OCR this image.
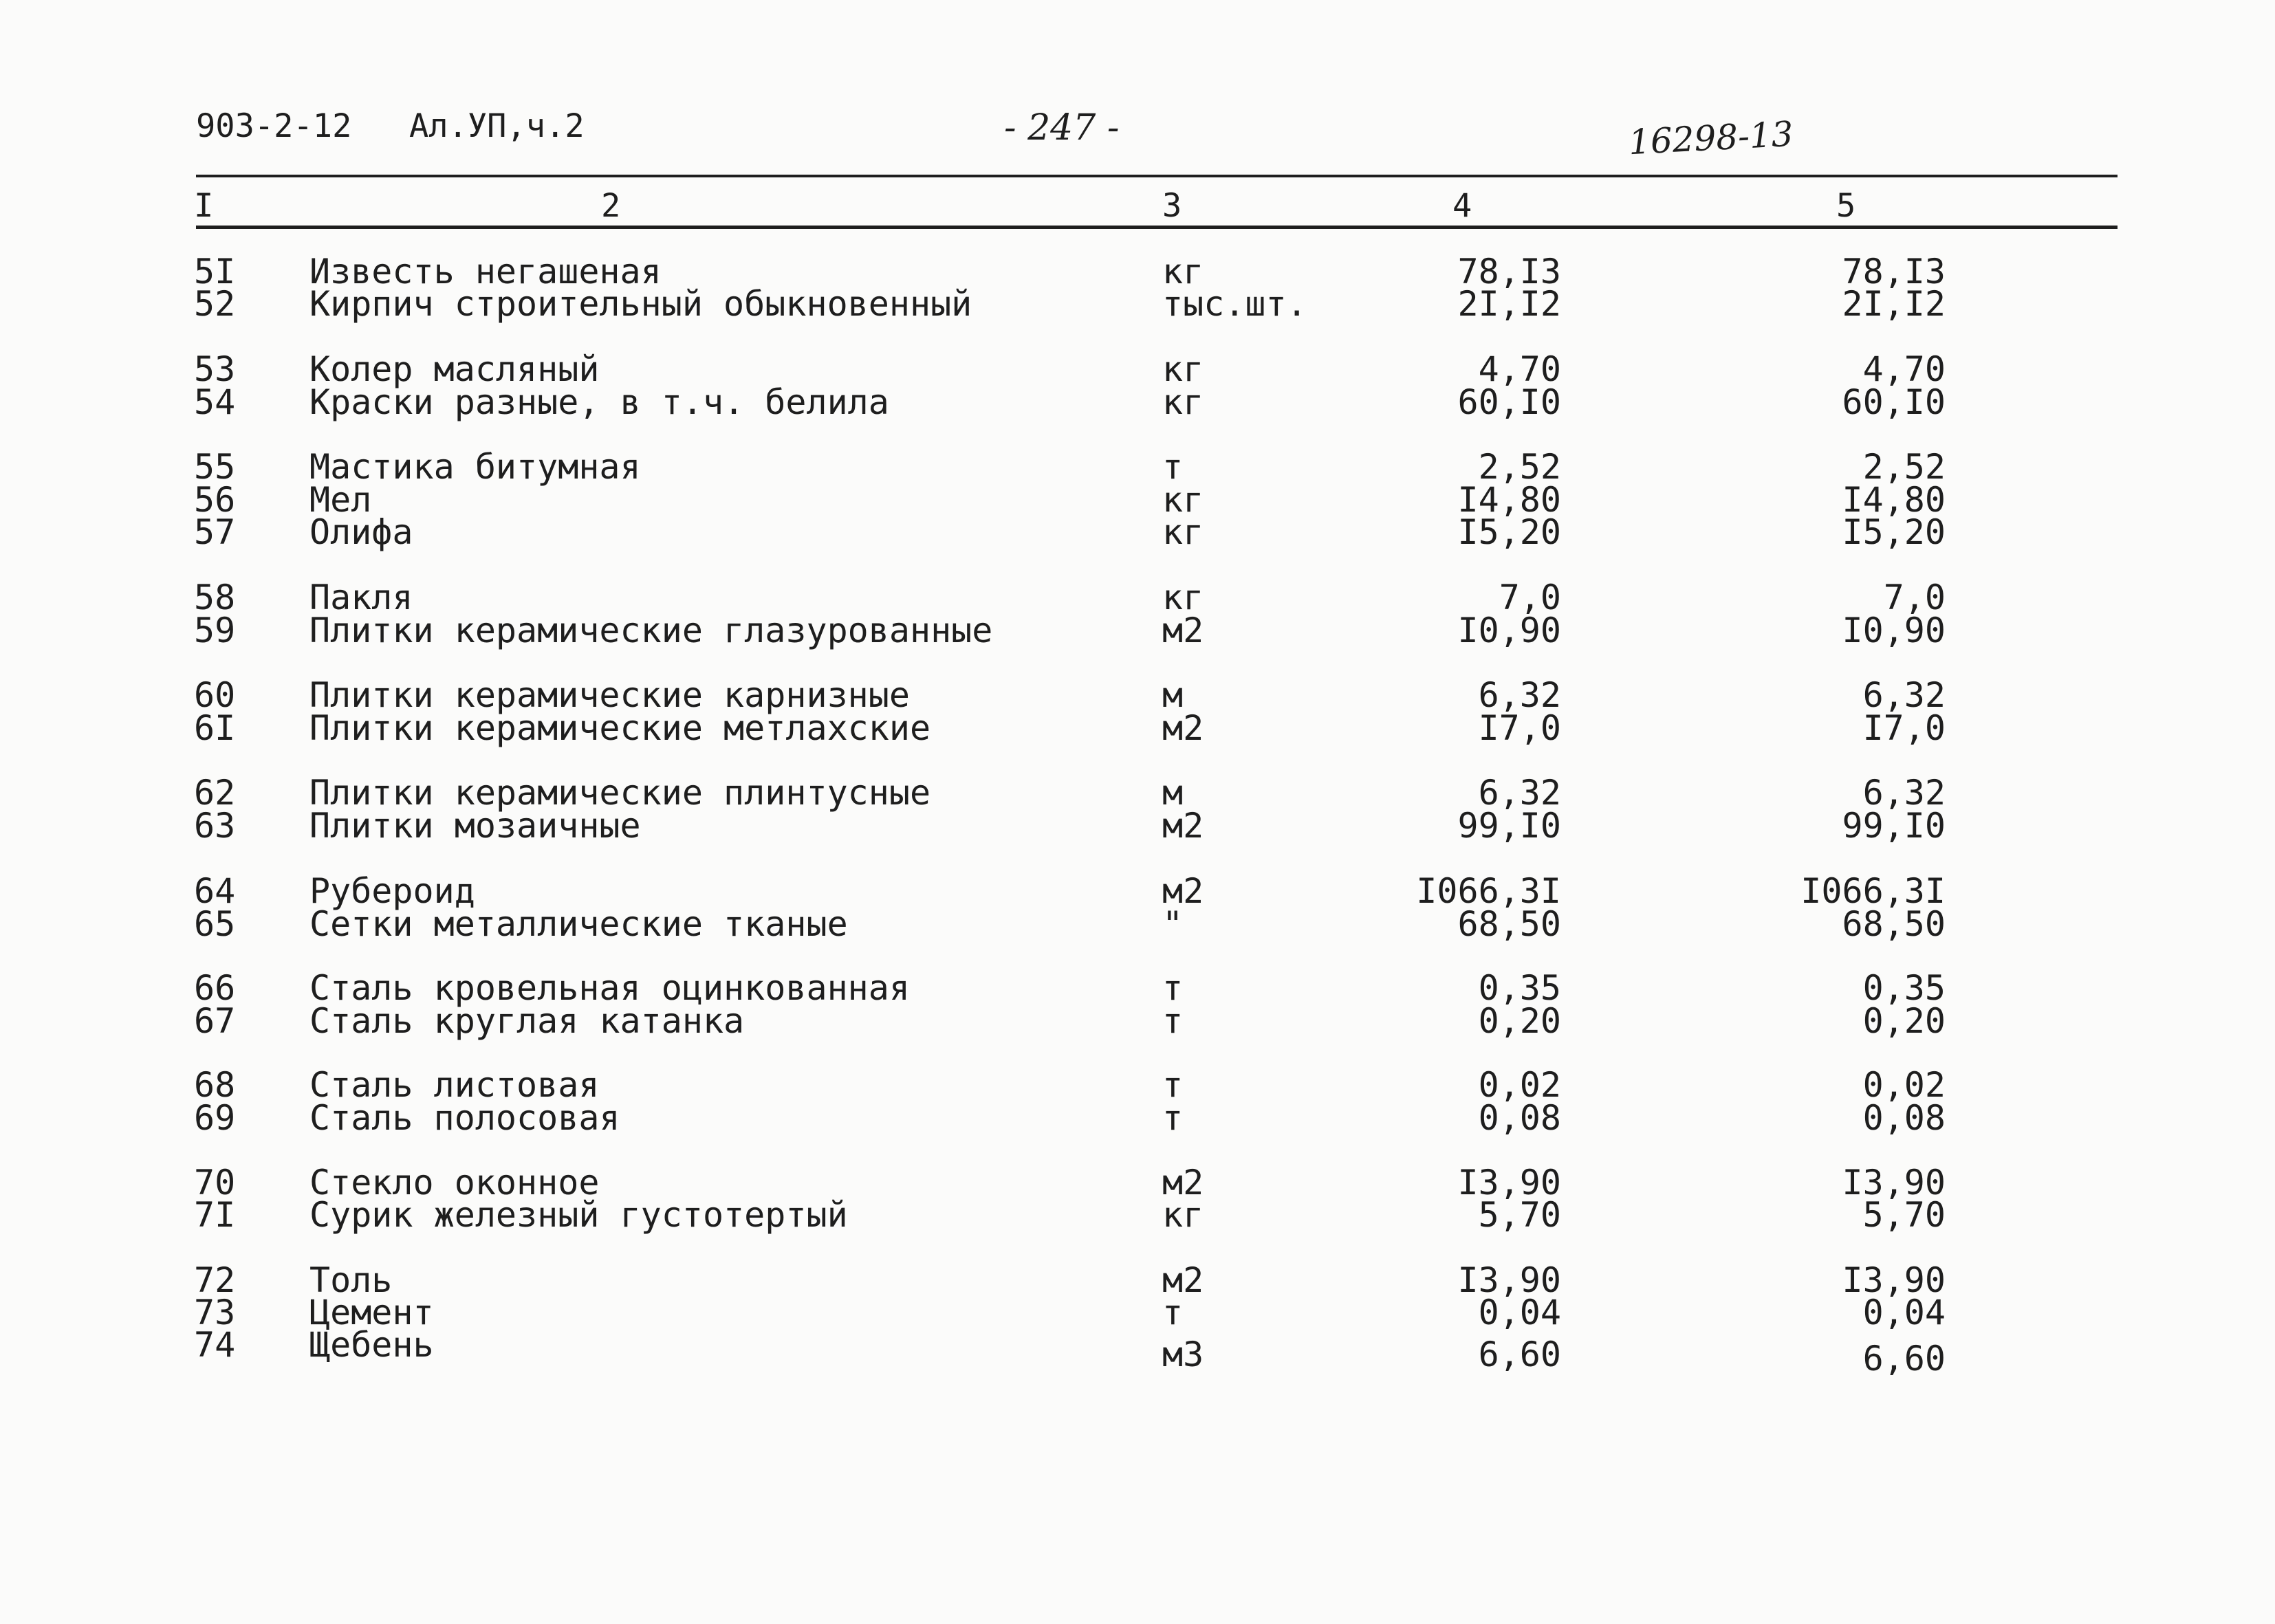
903-2-12 Ал.УП,ч.2	- 247 -	16298-13
I	2	3	4	5
5I Известь негашеная	кг	78,I3	78,I3
52 Кирпич строительный обыкновенный	тыс.шт.	2I,I2	2I,I2
53 Колер масляный	кг	4,70	4,70
54 Краски разные, в т.ч. белила	кг	60,I0	60,I0
55 Мастика битумная	т	2,52	2,52
56 Мел	кг	I4,80	I4,80
57 Олифа	кг	I5,20	I5,20
58 Пакля	кг	7,0	7,0
59 Плитки керамические глазурованные	м2	I0,90	I0,90
60 Плитки керамические карнизные	м	6,32	6,32
6I Плитки керамические метлахские	м2	I7,0	I7,0
62 Плитки керамические плинтусные	м	6,32	6,32
63 Плитки мозаичные	м2	99,I0	99,I0
64 Рубероид	м2	I066,3I	I066,3I
65 Сетки металлические тканые	"	68,50	68,50
66 Сталь кровельная оцинкованная	т	0,35	0,35
67 Сталь круглая катанка	т	0,20	0,20
68 Сталь листовая	т	0,02	0,02
69 Сталь полосовая	т	0,08	0,08
70 Стекло оконное	м2	I3,90	I3,90
7I Сурик железный густотертый	кг	5,70	5,70
72 Толь	м2	I3,90	I3,90
73 Цемент	т	0,04	0,04
74 Щебень	м3	6,60	6,60
